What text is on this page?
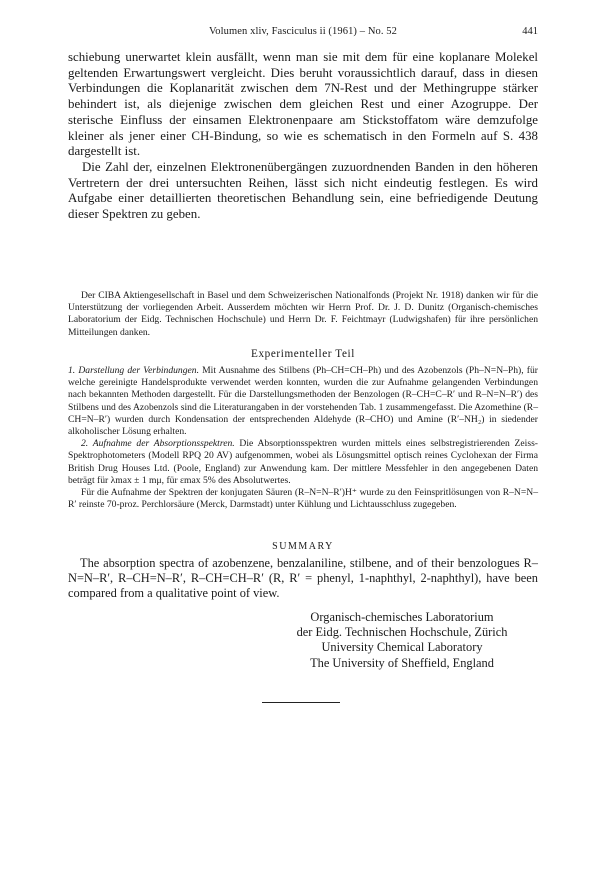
Volumen xliv, Fasciculus ii (1961) – No. 52	441

schiebung unerwartet klein ausfällt, wenn man sie mit dem für eine koplanare Molekel geltenden Erwartungswert vergleicht. Dies beruht voraussichtlich darauf, dass in diesen Verbindungen die Koplanarität zwischen dem 7N-Rest und der Methingruppe stärker behindert ist, als diejenige zwischen dem gleichen Rest und einer Azogruppe. Der sterische Einfluss der einsamen Elektronenpaare am Stickstoffatom wäre demzufolge kleiner als jener einer CH-Bindung, so wie es schematisch in den Formeln auf S. 438 dargestellt ist.

Die Zahl der, einzelnen Elektronenübergängen zuzuordnenden Banden in den höheren Vertretern der drei untersuchten Reihen, lässt sich nicht eindeutig festlegen. Es wird Aufgabe einer detaillierten theoretischen Behandlung sein, eine befriedigende Deutung dieser Spektren zu geben.

Der CIBA Aktiengesellschaft in Basel und dem Schweizerischen Nationalfonds (Projekt Nr. 1918) danken wir für die Unterstützung der vorliegenden Arbeit. Ausserdem möchten wir Herrn Prof. Dr. J. D. Dunitz (Organisch-chemisches Laboratorium der Eidg. Technischen Hochschule) und Herrn Dr. F. Feichtmayr (Ludwigshafen) für ihre persönlichen Mitteilungen danken.

Experimenteller Teil

1. Darstellung der Verbindungen. Mit Ausnahme des Stilbens (Ph–CH=CH–Ph) und des Azobenzols (Ph–N=N–Ph), für welche gereinigte Handelsprodukte verwendet werden konnten, wurden die zur Aufnahme gelangenden Verbindungen nach bekannten Methoden dargestellt. Für die Darstellungsmethoden der Benzologen (R–CH=C–R′ und R–N=N–R′) des Stilbens und des Azobenzols sind die Literaturangaben in der vorstehenden Tab. 1 zusammengefasst. Die Azomethine (R–CH=N–R′) wurden durch Kondensation der entsprechenden Aldehyde (R–CHO) und Amine (R′–NH₂) in siedender alkoholischer Lösung erhalten.

2. Aufnahme der Absorptionsspektren. Die Absorptionsspektren wurden mittels eines selbstregistrierenden Zeiss-Spektrophotometers (Modell RPQ 20 AV) aufgenommen, wobei als Lösungsmittel optisch reines Cyclohexan der Firma British Drug Houses Ltd. (Poole, England) zur Anwendung kam. Der mittlere Messfehler in den angegebenen Daten beträgt für λmax ± 1 mμ, für εmax 5% des Absolutwertes.

Für die Aufnahme der Spektren der konjugaten Säuren (R–N=N–R′)H⁺ wurde zu den Feinspritlösungen von R–N=N–R′ reinste 70-proz. Perchlorsäure (Merck, Darmstadt) unter Kühlung und Lichtausschluss zugegeben.

SUMMARY

The absorption spectra of azobenzene, benzalaniline, stilbene, and of their benzologues R–N=N–R′, R–CH=N–R′, R–CH=CH–R′ (R, R′ = phenyl, 1-naphthyl, 2-naphthyl), have been compared from a qualitative point of view.

Organisch-chemisches Laboratorium
der Eidg. Technischen Hochschule, Zürich
University Chemical Laboratory
The University of Sheffield, England
